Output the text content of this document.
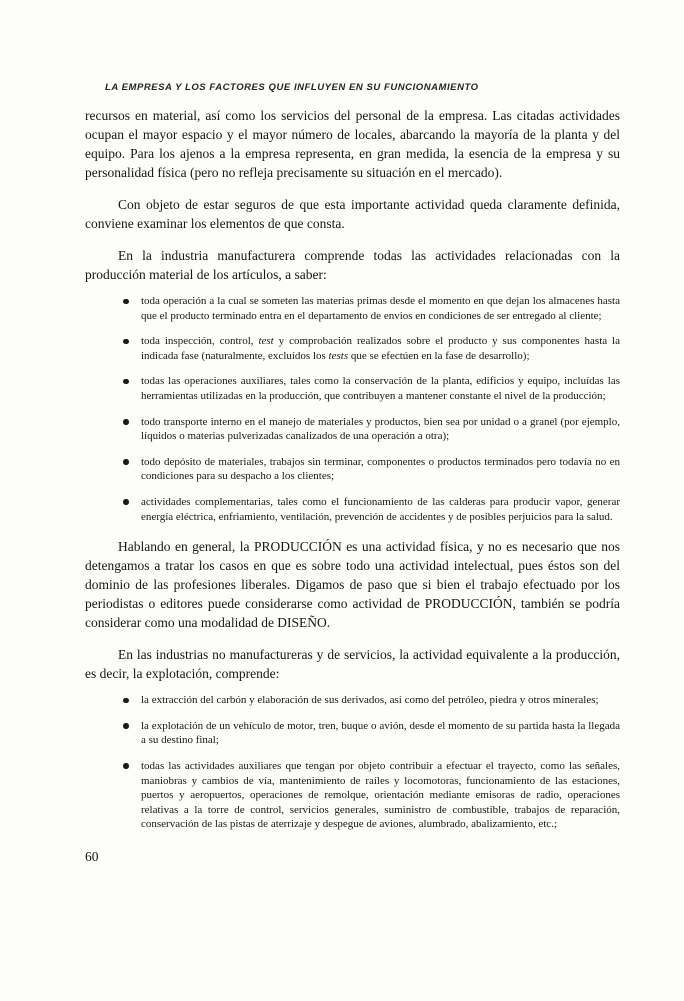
LA EMPRESA Y LOS FACTORES QUE INFLUYEN EN SU FUNCIONAMIENTO

recursos en material, así como los servicios del personal de la empresa. Las citadas actividades ocupan el mayor espacio y el mayor número de locales, abarcando la mayoría de la planta y del equipo. Para los ajenos a la empresa representa, en gran medida, la esencia de la empresa y su personalidad física (pero no refleja precisamente su situación en el mercado).

Con objeto de estar seguros de que esta importante actividad queda claramente definida, conviene examinar los elementos de que consta.

En la industria manufacturera comprende todas las actividades relacionadas con la producción material de los artículos, a saber:

toda operación a la cual se someten las materias primas desde el momento en que dejan los almacenes hasta que el producto terminado entra en el departamento de envios en condiciones de ser entregado al cliente;
toda inspección, control, test y comprobación realizados sobre el producto y sus componentes hasta la indicada fase (naturalmente, excluídos los tests que se efectúen en la fase de desarrollo);
todas las operaciones auxiliares, tales como la conservación de la planta, edificios y equipo, incluídas las herramientas utilizadas en la producción, que contribuyen a mantener constante el nivel de la producción;
todo transporte interno en el manejo de materiales y productos, bien sea por unidad o a granel (por ejemplo, líquidos o materias pulverizadas canalizados de una operación a otra);
todo depósito de materiales, trabajos sin terminar, componentes o productos terminados pero todavía no en condiciones para su despacho a los clientes;
actividades complementarias, tales como el funcionamiento de las calderas para producir vapor, generar energía eléctrica, enfriamiento, ventilación, prevención de accidentes y de posibles perjuicios para la salud.

Hablando en general, la PRODUCCIÓN es una actividad física, y no es necesario que nos detengamos a tratar los casos en que es sobre todo una actividad intelectual, pues éstos son del dominio de las profesiones liberales. Digamos de paso que si bien el trabajo efectuado por los periodistas o editores puede considerarse como actividad de PRODUCCIÓN, también se podría considerar como una modalidad de DISEÑO.

En las industrias no manufactureras y de servicios, la actividad equivalente a la producción, es decir, la explotación, comprende:

la extracción del carbón y elaboración de sus derivados, así como del petróleo, piedra y otros minerales;
la explotación de un vehículo de motor, tren, buque o avión, desde el momento de su partida hasta la llegada a su destino final;
todas las actividades auxiliares que tengan por objeto contribuir a efectuar el trayecto, como las señales, maniobras y cambios de vía, mantenimiento de raíles y locomotoras, funcionamiento de las estaciones, puertos y aeropuertos, operaciones de remolque, orientación mediante emisoras de radio, operaciones relativas a la torre de control, servicios generales, suministro de combustible, trabajos de reparación, conservación de las pistas de aterrizaje y despegue de aviones, alumbrado, abalizamiento, etc.;
60
